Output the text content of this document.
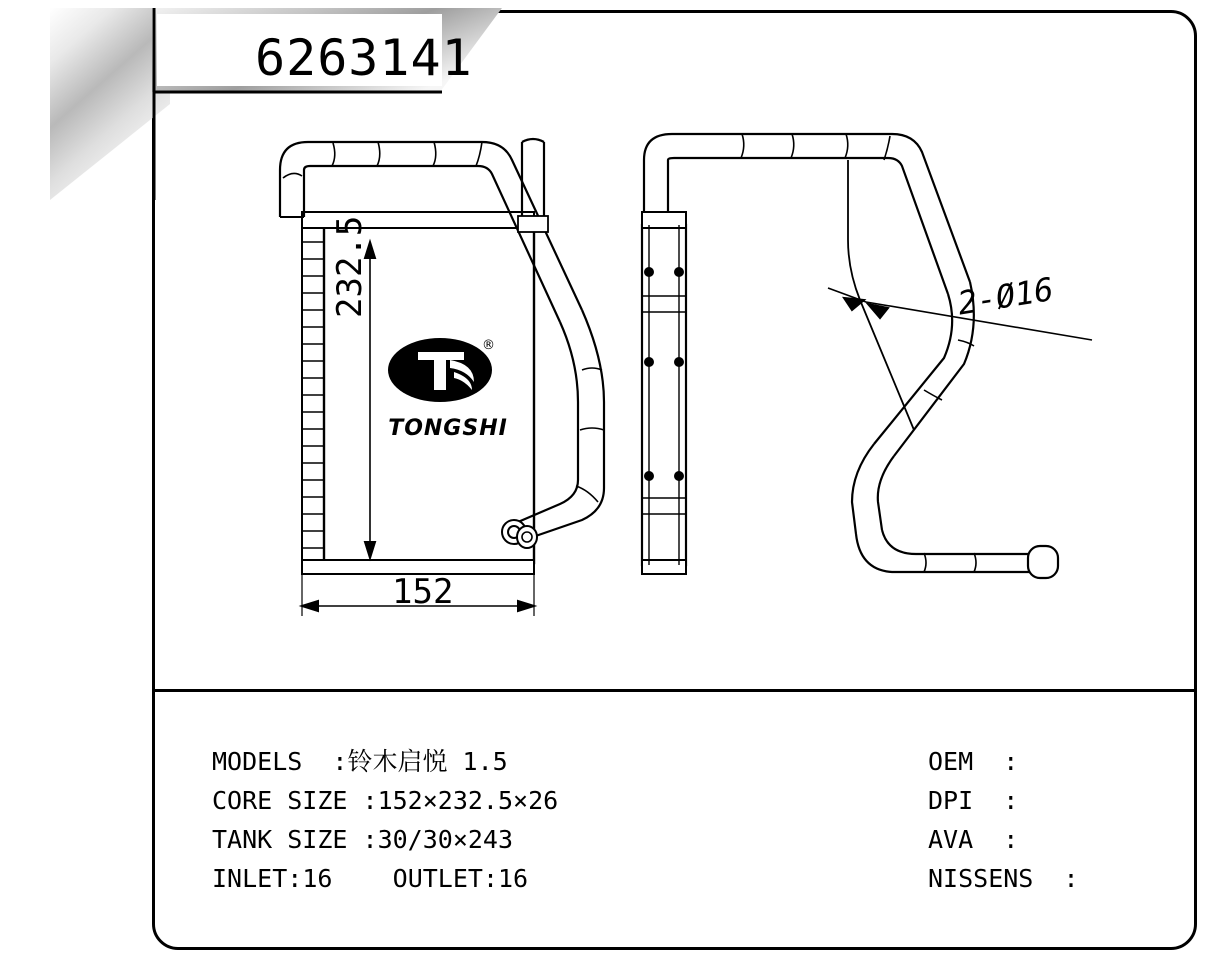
®
TONGSHI
232.5
152
2-Ø16
MODELS  :铃木启悦 1.5
CORE SIZE :152×232.5×26
TANK SIZE :30/30×243
INLET:16 OUTLET:16
OEM  :
DPI  :
AVA  :
NISSENS  :
6263141
